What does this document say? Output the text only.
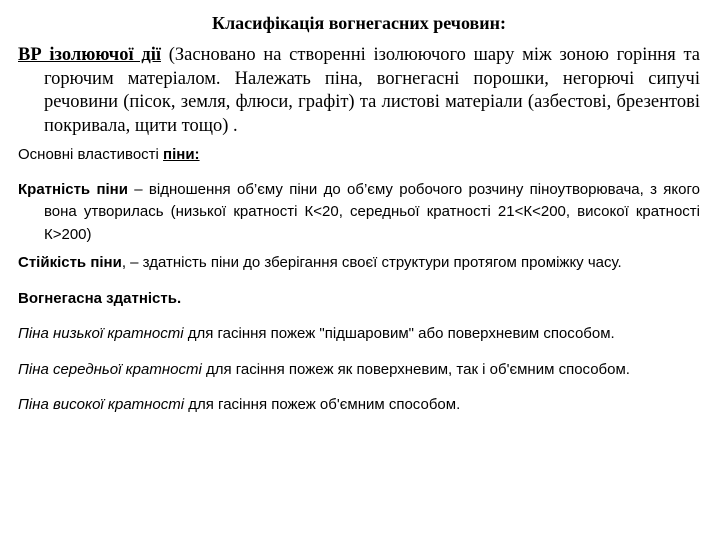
Класифікація вогнегасних речовин:

ВР ізолюючої дії (Засновано на створенні ізолюючого шару між зоною горіння та горючим матеріалом. Належать піна, вогнегасні порошки, негорючі сипучі речовини (пісок, земля, флюси, графіт) та листові матеріали (азбестові, брезентові покривала, щити тощо) .

Основні властивості піни:

Кратність піни – відношення об’єму піни до об’єму робочого розчину піноутворювача, з якого вона утворилась (низької кратності К<20, середньої кратності 21<К<200, високої кратності К>200)

Стійкість піни, – здатність піни до зберігання своєї структури протягом проміжку часу.

Вогнегасна здатність.

Піна низької кратності для гасіння пожеж "підшаровим" або поверхневим способом.

Піна середньої кратності для гасіння пожеж як поверхневим, так і об'ємним способом.

Піна високої кратності для гасіння пожеж об'ємним способом.
